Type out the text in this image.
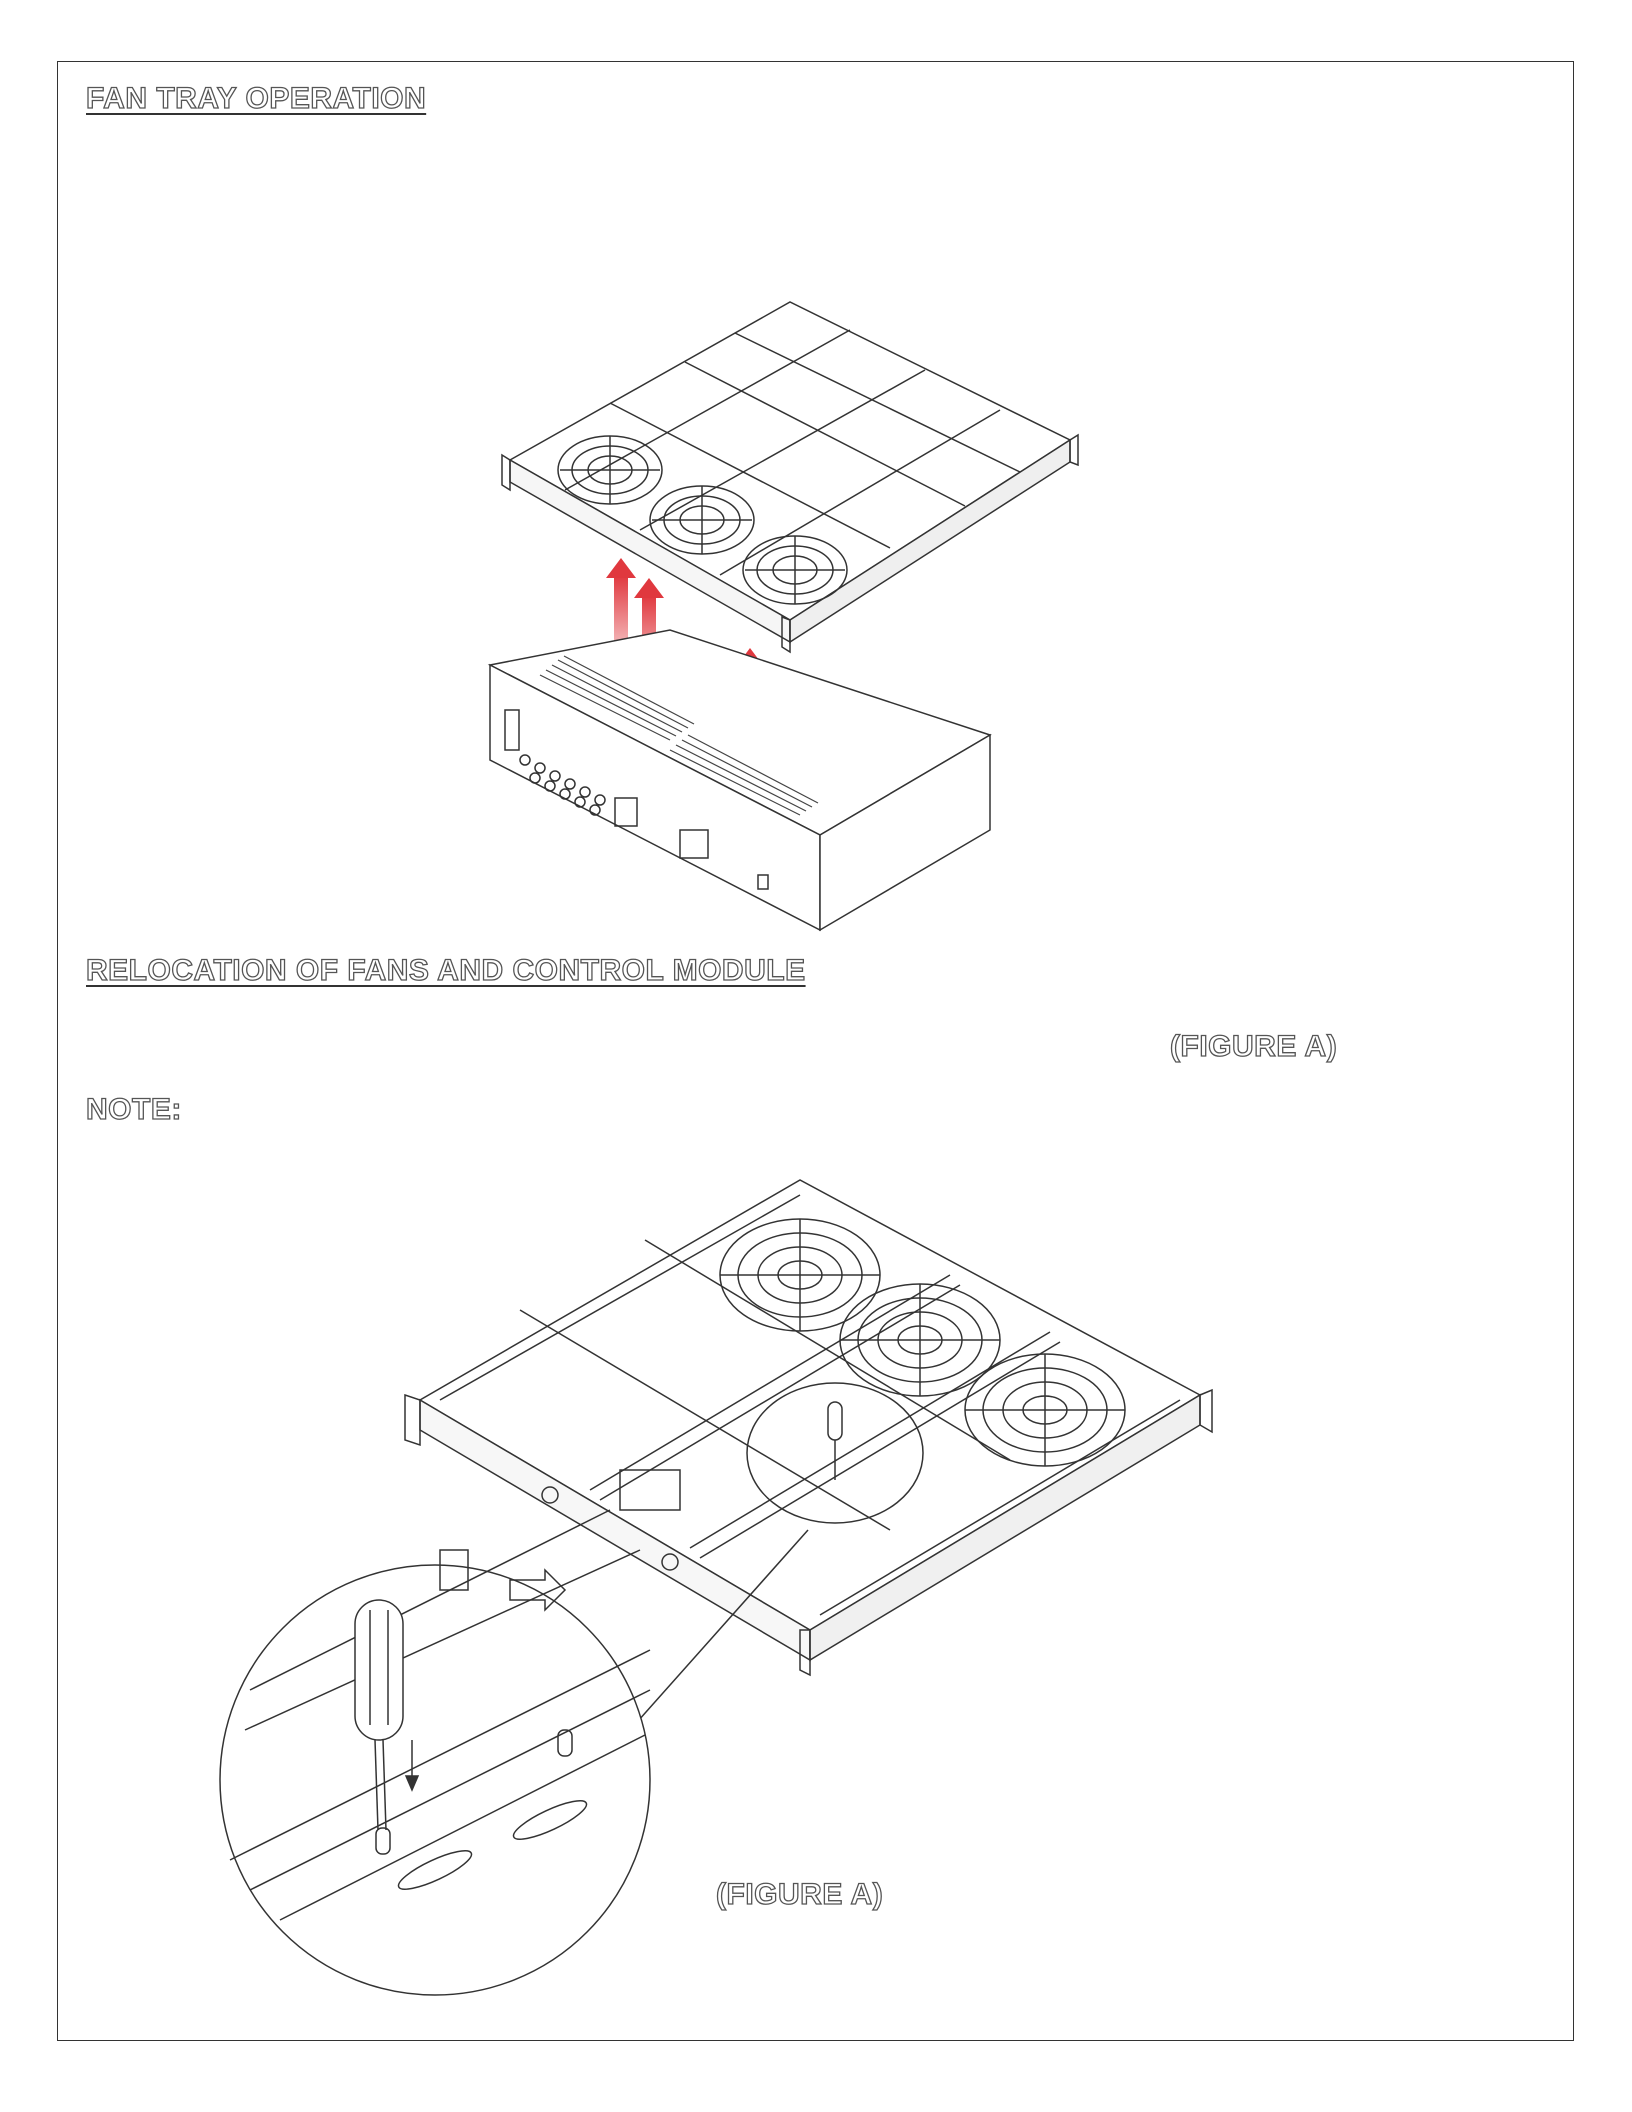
FAN TRAY OPERATION
RELOCATION OF FANS AND CONTROL MODULE
(FIGURE A)
NOTE:
(FIGURE A)
